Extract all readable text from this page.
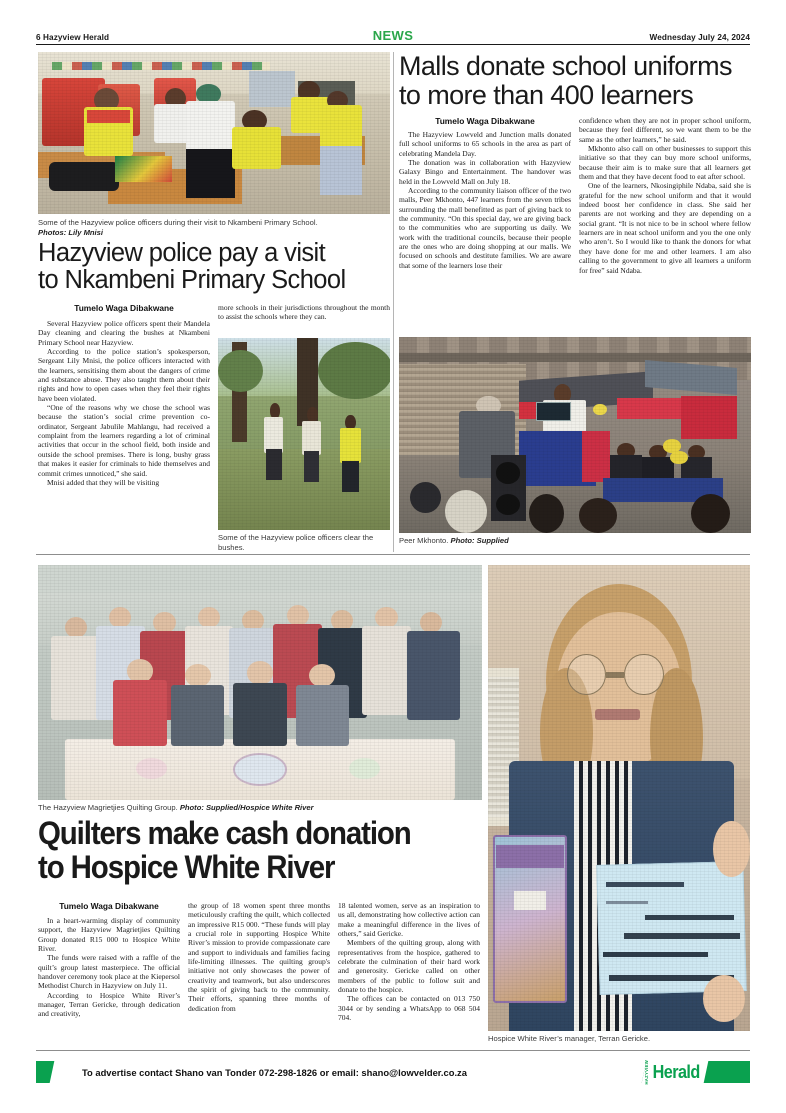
6 Hazyview Herald	NEWS	Wednesday July 24, 2024
Some of the Hazyview police officers during their visit to Nkambeni Primary School.
Photos: Lily Mnisi
Hazyview police pay a visit
to Nkambeni Primary School
Tumelo Waga Dibakwane

Several Hazyview police officers spent their Mandela Day cleaning and clearing the bushes at Nkambeni Primary School near Hazyview.

According to the police station’s spokesperson, Sergeant Lily Mnisi, the police officers interacted with the learners, sensitising them about the dangers of crime and substance abuse. They also taught them about their rights and how to open cases when they feel their rights have been violated.

“One of the reasons why we chose the school was because the station’s social crime prevention co-ordinator, Sergeant Jabulile Mahlangu, had received a complaint from the learners regarding a lot of criminal activities that occur in the school field, both inside and outside the school premises. There is long, bushy grass that makes it easier for criminals to hide themselves and commit crimes unnoticed,” she said.

Mnisi added that they will be visiting

more schools in their jurisdictions throughout the month to assist the schools where they can.

Some of the Hazyview police officers clear the bushes.
Malls donate school uniforms
to more than 400 learners
Tumelo Waga Dibakwane

The Hazyview Lowveld and Junction malls donated full school uniforms to 65 schools in the area as part of celebrating Mandela Day.

The donation was in collaboration with Hazyview Galaxy Bingo and Entertainment. The handover was held in the Lowveld Mall on July 18.

According to the community liaison officer of the two malls, Peer Mkhonto, 447 learners from the seven tribes surrounding the mall benefitted as part of giving back to the community. “On this special day, we are giving back to the communities who are supporting us daily. We work with the traditional councils, because their people are the ones who are doing shopping at our malls. We focused on schools and destitute families. We are aware that some of the learners lose their

confidence when they are not in proper school uniform, because they feel different, so we want them to be the same as the other learners,” he said.

Mkhonto also call on other businesses to support this initiative so that they can buy more school uniforms, because their aim is to make sure that all learners get them and that they have decent food to eat after school.

One of the learners, Nkosingiphile Ndaba, said she is grateful for the new school uniform and that it would indeed boost her confidence in class. She said her parents are not working and they are depending on a social grant. “It is not nice to be in school where fellow learners are in neat school uniform and you the one only who aren’t. So I would like to thank the donors for what they have done for me and other learners. I am also calling to the government to give all learners a uniform for free” said Ndaba.

Peer Mkhonto. Photo: Supplied
The Hazyview Magrietjies Quilting Group. Photo: Supplied/Hospice White River
Quilters make cash donation
to Hospice White River
Tumelo Waga Dibakwane

In a heart-warming display of community support, the Hazyview Magrietjies Quilting Group donated R15 000 to Hospice White River.

The funds were raised with a raffle of the quilt’s group latest masterpiece. The official handover ceremony took place at the Kiepersol Methodist Church in Hazyview on July 11.

According to Hospice White River’s manager, Terran Gericke, through dedication and creativity,

the group of 18 women spent three months meticulously crafting the quilt, which collected an impressive R15 000. “These funds will play a crucial role in supporting Hospice White River’s mission to provide compassionate care and support to individuals and families facing life-limiting illnesses. The quilting group's initiative not only showcases the power of creativity and teamwork, but also underscores the spirit of giving back to the community. Their efforts, spanning three months of dedication from

18 talented women, serve as an inspiration to us all, demonstrating how collective action can make a meaningful difference in the lives of others,” said Gericke.

Members of the quilting group, along with representatives from the hospice, gathered to celebrate the culmination of their hard work and generosity. Gericke called on other members of the public to follow suit and donate to the hospice.

The offices can be contacted on 013 750 3044 or by sending a WhatsApp to 068 504 704.

Hospice White River’s manager, Terran Gericke.
To advertise contact Shano van Tonder 072-298-1826 or email: shano@lowvelder.co.za	HAZYVIEW Herald
